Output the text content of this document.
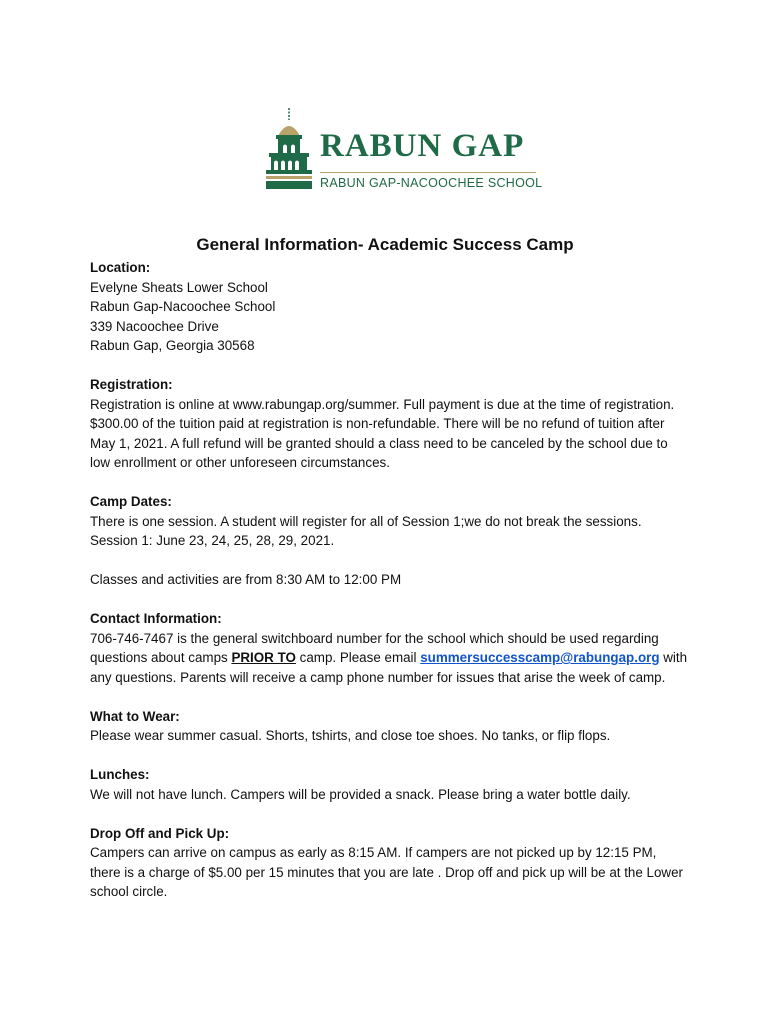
RABUN GAP
RABUN GAP-NACOOCHEE SCHOOL
General Information- Academic Success Camp

Location:

Evelyne Sheats Lower School

Rabun Gap-Nacoochee School

339 Nacoochee Drive

Rabun Gap, Georgia 30568

Registration:

Registration is online at www.rabungap.org/summer. Full payment is due at the time of registration. $300.00 of the tuition paid at registration is non-refundable. There will be no refund of tuition after May 1, 2021. A full refund will be granted should a class need to be canceled by the school due to low enrollment or other unforeseen circumstances.

Camp Dates:

There is one session. A student will register for all of Session 1;we do not break the sessions.

Session 1: June 23, 24, 25, 28, 29, 2021.

Classes and activities are from 8:30 AM to 12:00 PM

Contact Information:

706-746-7467 is the general switchboard number for the school which should be used regarding questions about camps PRIOR TO camp. Please email summersuccesscamp@rabungap.org with any questions. Parents will receive a camp phone number for issues that arise the week of camp.

What to Wear:

Please wear summer casual. Shorts, tshirts, and close toe shoes. No tanks, or flip flops.

Lunches:

We will not have lunch. Campers will be provided a snack. Please bring a water bottle daily.

Drop Off and Pick Up:

Campers can arrive on campus as early as 8:15 AM. If campers are not picked up by 12:15 PM, there is a charge of $5.00 per 15 minutes that you are late . Drop off and pick up will be at the Lower school circle.
